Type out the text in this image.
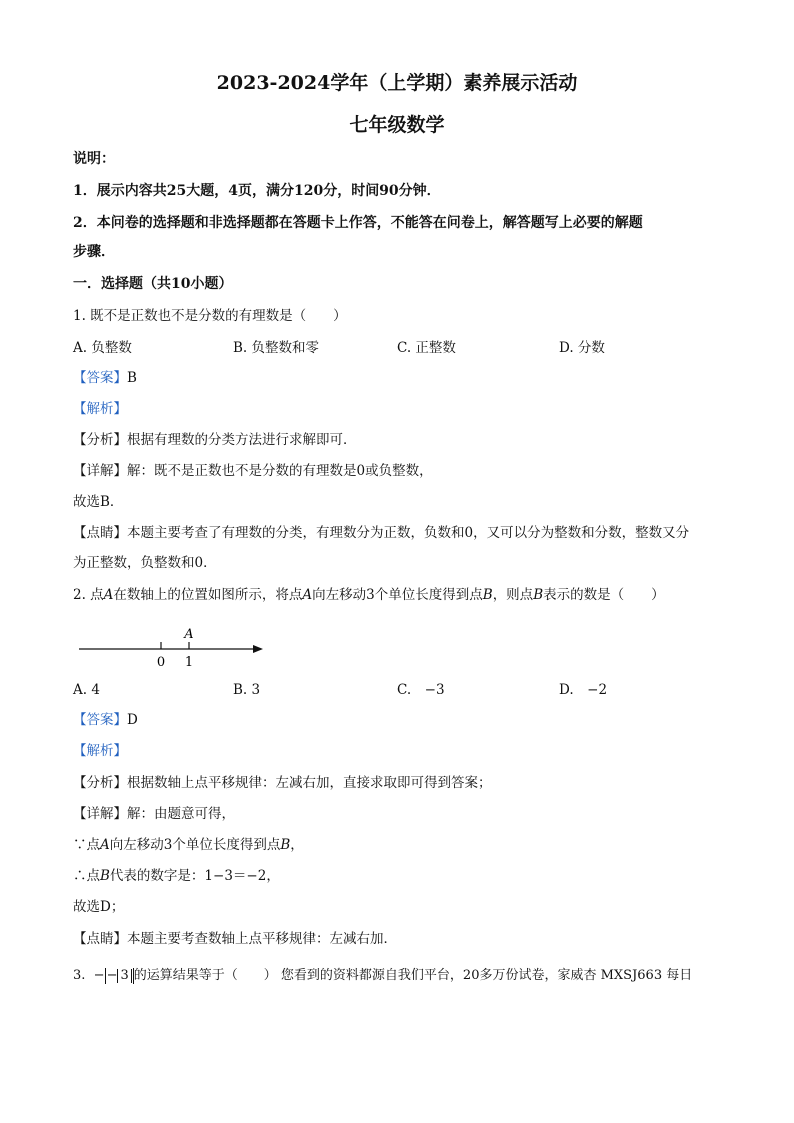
2023-2024学年（上学期）素养展示活动
七年级数学
说明：
1．展示内容共25大题，4页，满分120分，时间90分钟．
2．本问卷的选择题和非选择题都在答题卡上作答，不能答在问卷上，解答题写上必要的解题
步骤．
一．选择题（共10小题）
1. 既不是正数也不是分数的有理数是（　　）
A. 负整数	B. 负整数和零	C. 正整数	D. 分数
【答案】B
【解析】
【分析】根据有理数的分类方法进行求解即可．
【详解】解：既不是正数也不是分数的有理数是0或负整数，
故选B．
【点睛】本题主要考查了有理数的分类，有理数分为正数，负数和0，又可以分为整数和分数，整数又分
为正整数，负整数和0．
2. 点A在数轴上的位置如图所示，将点A向左移动3个单位长度得到点B，则点B表示的数是（　　）
0 1
A
A. 4	B. 3	C.　−3	D.　−2
【答案】D
【解析】
【分析】根据数轴上点平移规律：左减右加，直接求取即可得到答案；
【详解】解：由题意可得，
∵点A向左移动3个单位长度得到点B，
∴点B代表的数字是：1−3＝−2，
故选D；
【点睛】本题主要考查数轴上点平移规律：左减右加．
3. − − 3 的运算结果等于（　　） 您看到的资料都源自我们平台，20多万份试卷，家威杏 MXSJ663 每日
